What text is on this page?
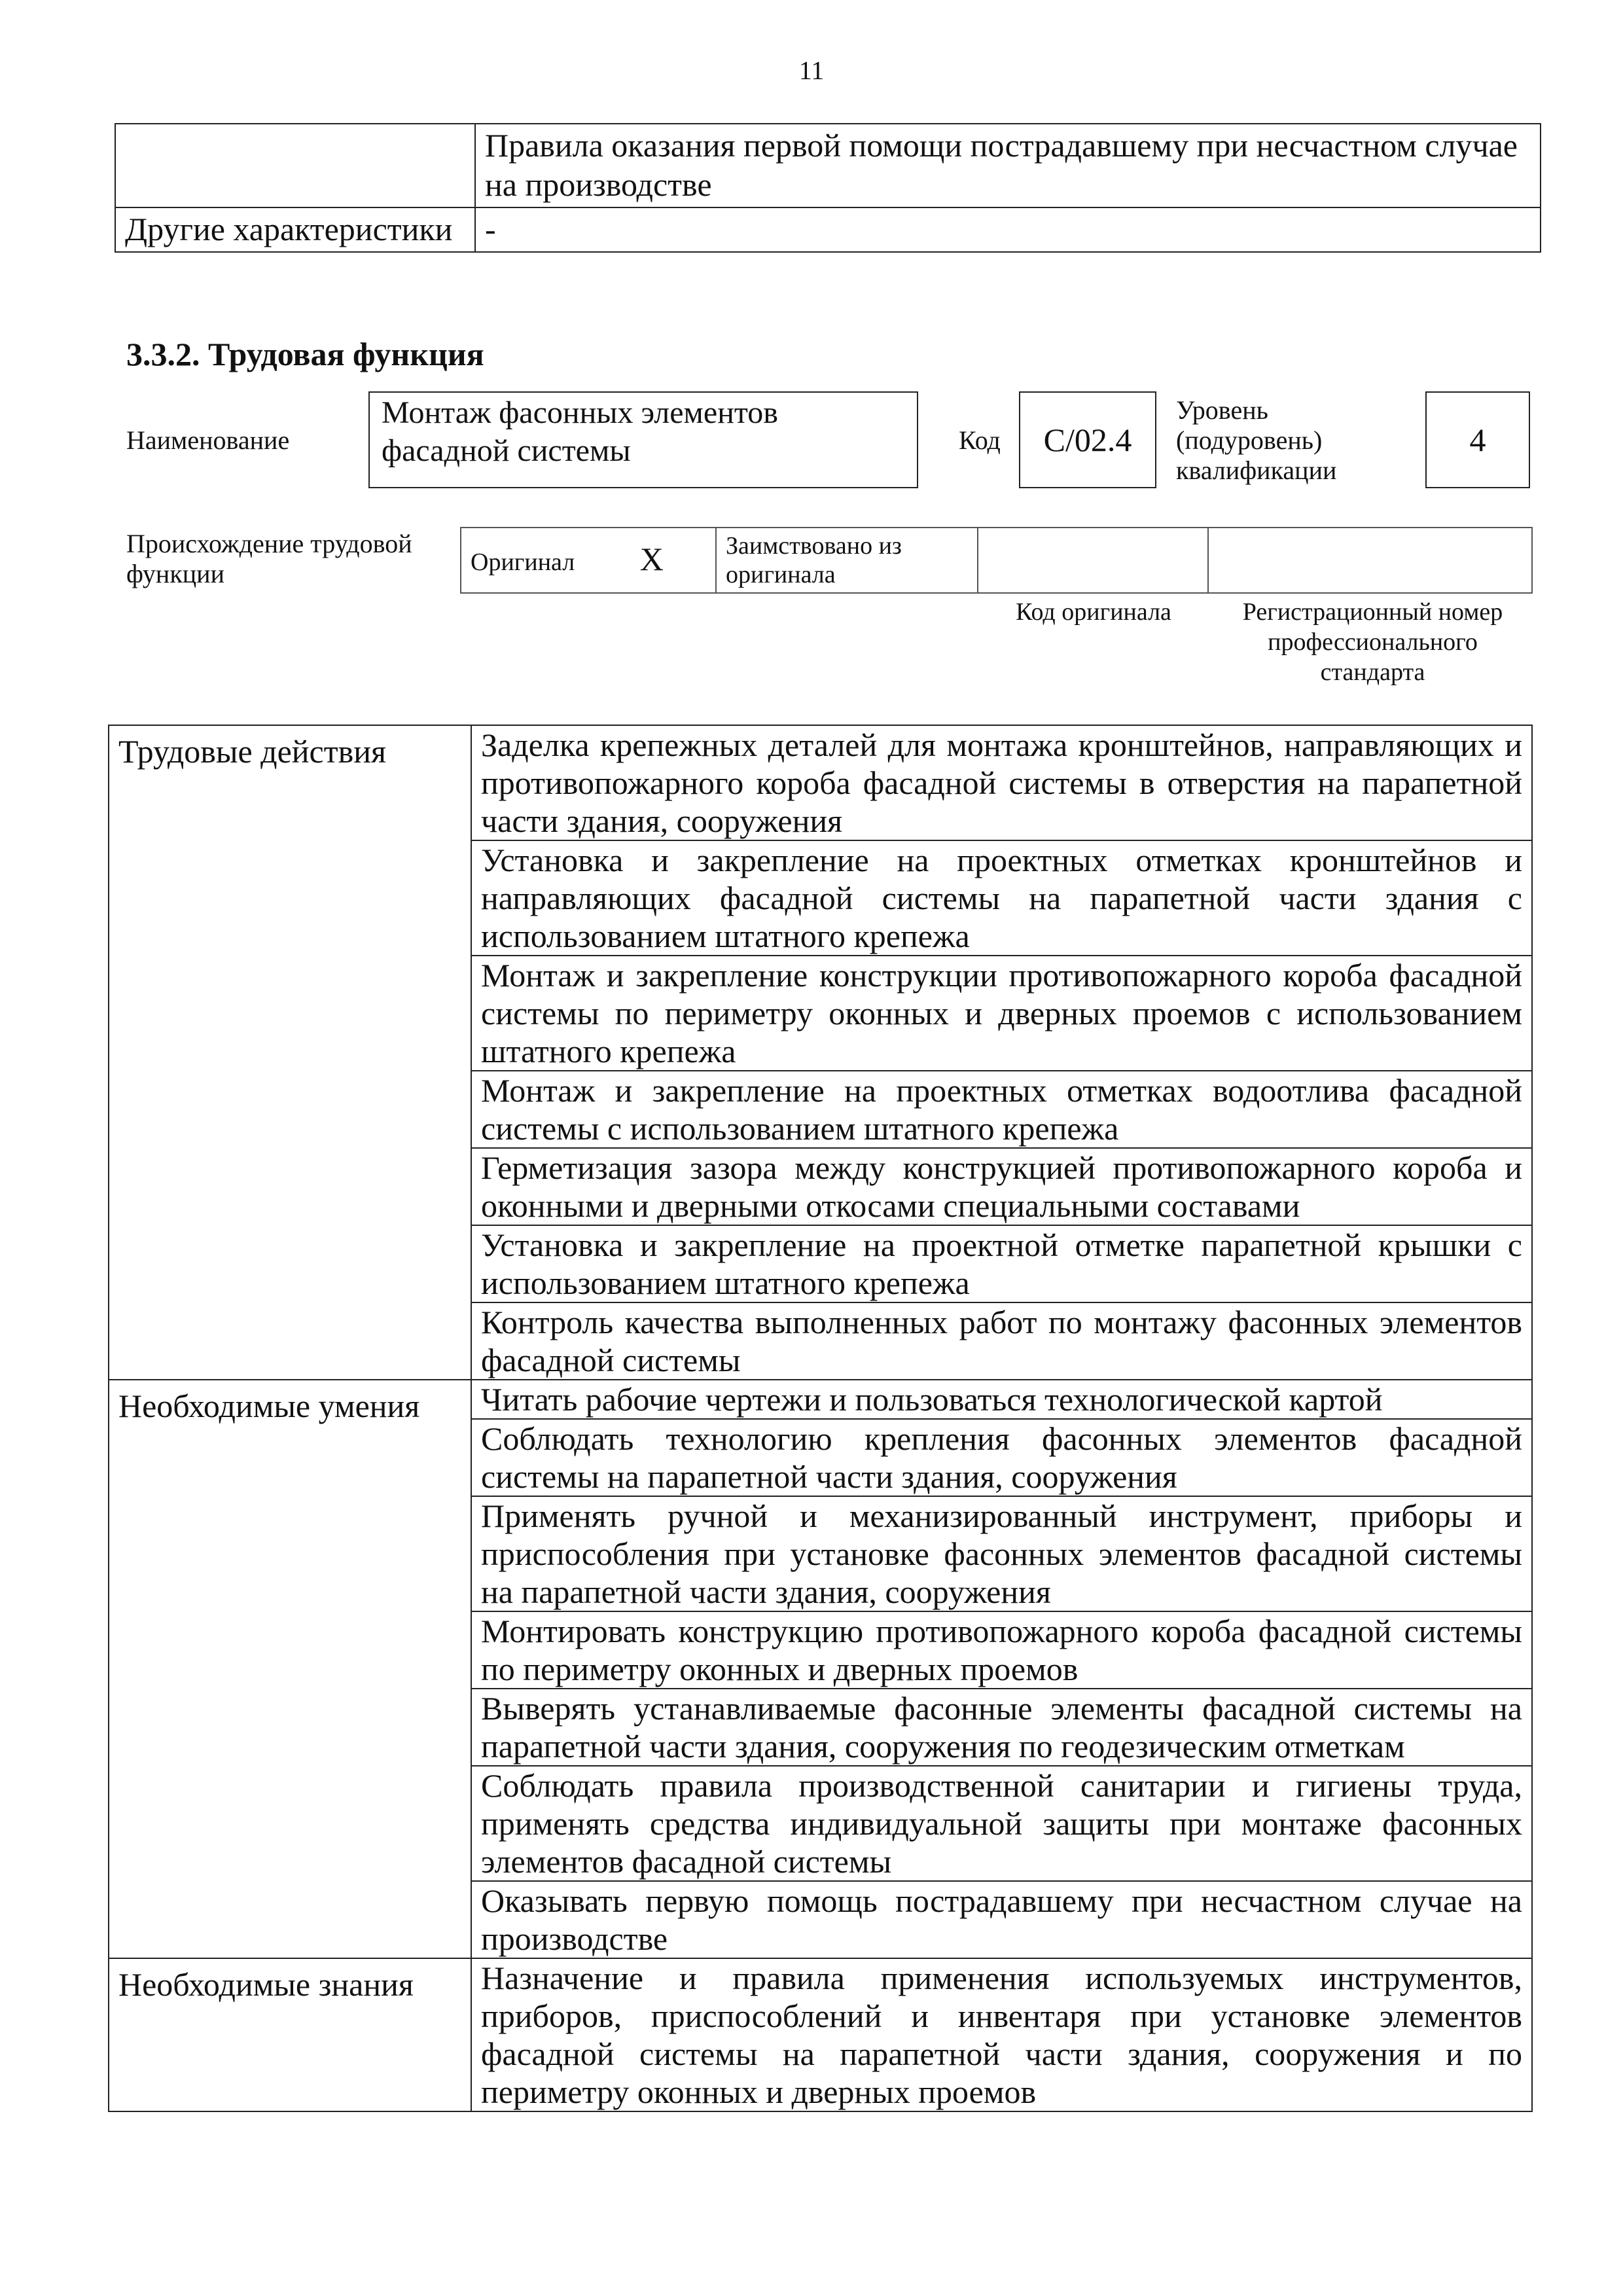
11
	Правила оказания первой помощи пострадавшему при несчастном случае на производстве
Другие характеристики	-
3.3.2. Трудовая функция
Наименование
Монтаж фасонных элементов фасадной системы	Код	C/02.4
Уровень
(подуровень)
квалификации
4
Происхождение трудовой
функции	Оригинал X	Заимствовано из
оригинала

Код оригинала	Регистрационный номер
профессионального
стандарта
Трудовые действия	Заделка крепежных деталей для монтажа кронштейнов, направляющих и противопожарного короба фасадной системы в отверстия на парапетной части здания, сооружения
	Установка и закрепление на проектных отметках кронштейнов и направляющих фасадной системы на парапетной части здания с использованием штатного крепежа
	Монтаж и закрепление конструкции противопожарного короба фасадной системы по периметру оконных и дверных проемов с использованием штатного крепежа
	Монтаж и закрепление на проектных отметках водоотлива фасадной системы с использованием штатного крепежа
	Герметизация зазора между конструкцией противопожарного короба и оконными и дверными откосами специальными составами
	Установка и закрепление на проектной отметке парапетной крышки с использованием штатного крепежа
	Контроль качества выполненных работ по монтажу фасонных элементов фасадной системы
Необходимые умения	Читать рабочие чертежи и пользоваться технологической картой
	Соблюдать технологию крепления фасонных элементов фасадной системы на парапетной части здания, сооружения
	Применять ручной и механизированный инструмент, приборы и приспособления при установке фасонных элементов фасадной системы на парапетной части здания, сооружения
	Монтировать конструкцию противопожарного короба фасадной системы по периметру оконных и дверных проемов
	Выверять устанавливаемые фасонные элементы фасадной системы на парапетной части здания, сооружения по геодезическим отметкам
	Соблюдать правила производственной санитарии и гигиены труда, применять средства индивидуальной защиты при монтаже фасонных элементов фасадной системы
	Оказывать первую помощь пострадавшему при несчастном случае на производстве
Необходимые знания	Назначение и правила применения используемых инструментов, приборов, приспособлений и инвентаря при установке элементов фасадной системы на парапетной части здания, сооружения и по периметру оконных и дверных проемов
